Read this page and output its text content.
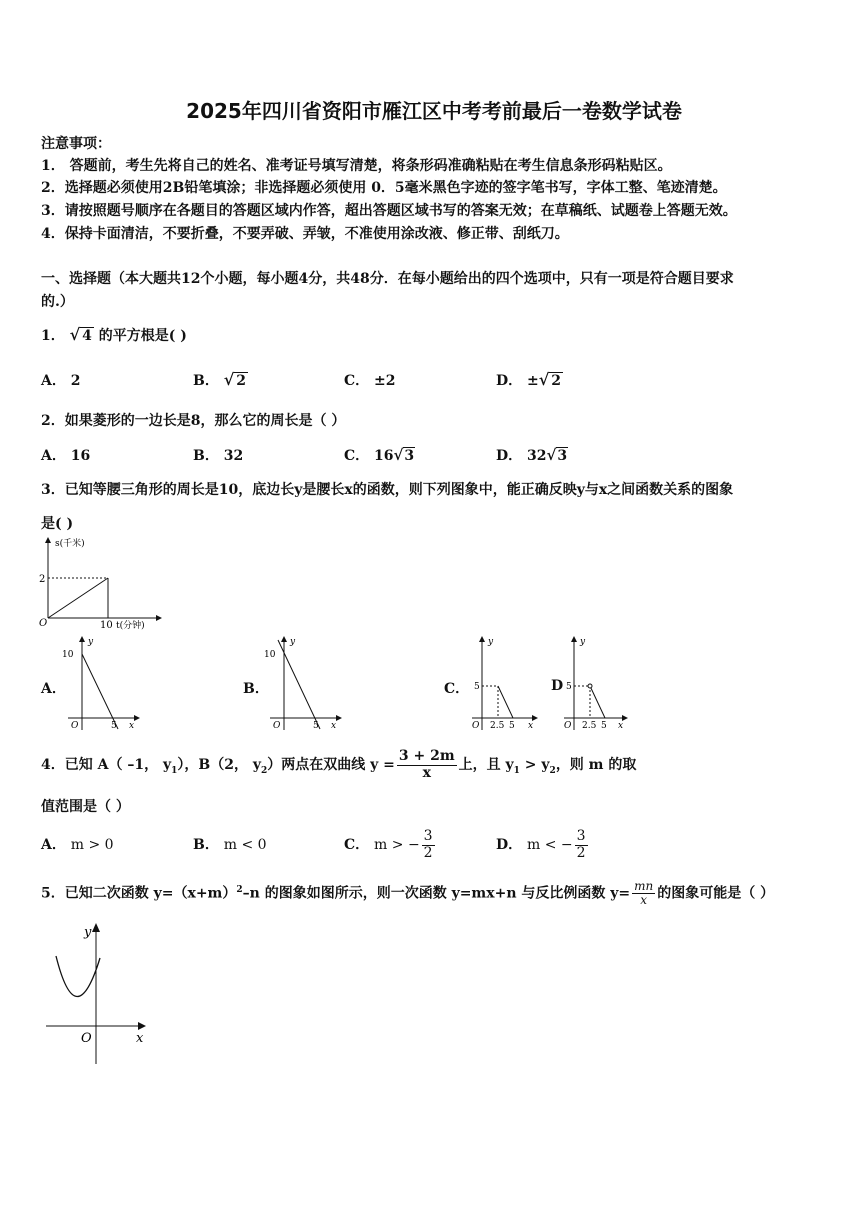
2025年四川省资阳市雁江区中考考前最后一卷数学试卷
注意事项：
1． 答题前，考生先将自己的姓名、准考证号填写清楚，将条形码准确粘贴在考生信息条形码粘贴区。
2．选择题必须使用2B铅笔填涂；非选择题必须使用 0．5毫米黑色字迹的签字笔书写，字体工整、笔迹清楚。
3．请按照题号顺序在各题目的答题区域内作答，超出答题区域书写的答案无效；在草稿纸、试题卷上答题无效。
4．保持卡面清洁，不要折叠，不要弄破、弄皱，不准使用涂改液、修正带、刮纸刀。
一、选择题（本大题共12个小题，每小题4分，共48分．在每小题给出的四个选项中，只有一项是符合题目要求
的.）
1． √ 4 的平方根是( )
A． 2	B． √ 2	C． ±2	D． ±√ 2
2．如果菱形的一边长是8，那么它的周长是（ ）
A． 16	B． 32	C． 16√3	D． 32√3
3．已知等腰三角形的周长是10，底边长y是腰长x的函数，则下列图象中，能正确反映y与x之间函数关系的图象
是( )
s(千米)
t(分钟)
2
10
O
A．
y
10
5 x
O
B．
y
10
5 x
O
C．
y
5
2.5 5 x
O
D
y
5
2.5 5 x
O
4．已知 A（ –1， $y_1$），B（2， $y_2$）两点在双曲线 $y = \frac{3 + 2m}{x}$ 上，且 $y_1 > y_2$，则 m 的取
值范围是（ ）
A． m > 0	B． m < 0	C． m > − $\frac{3}{2}$	D． m < − $\frac{3}{2}$
5．已知二次函数 $y=(x+m)^2-n$ 的图象如图所示，则一次函数 y=mx+n 与反比例函数 $y= \frac{mn}{x}$ 的图象可能是（ ）
y
x
O
